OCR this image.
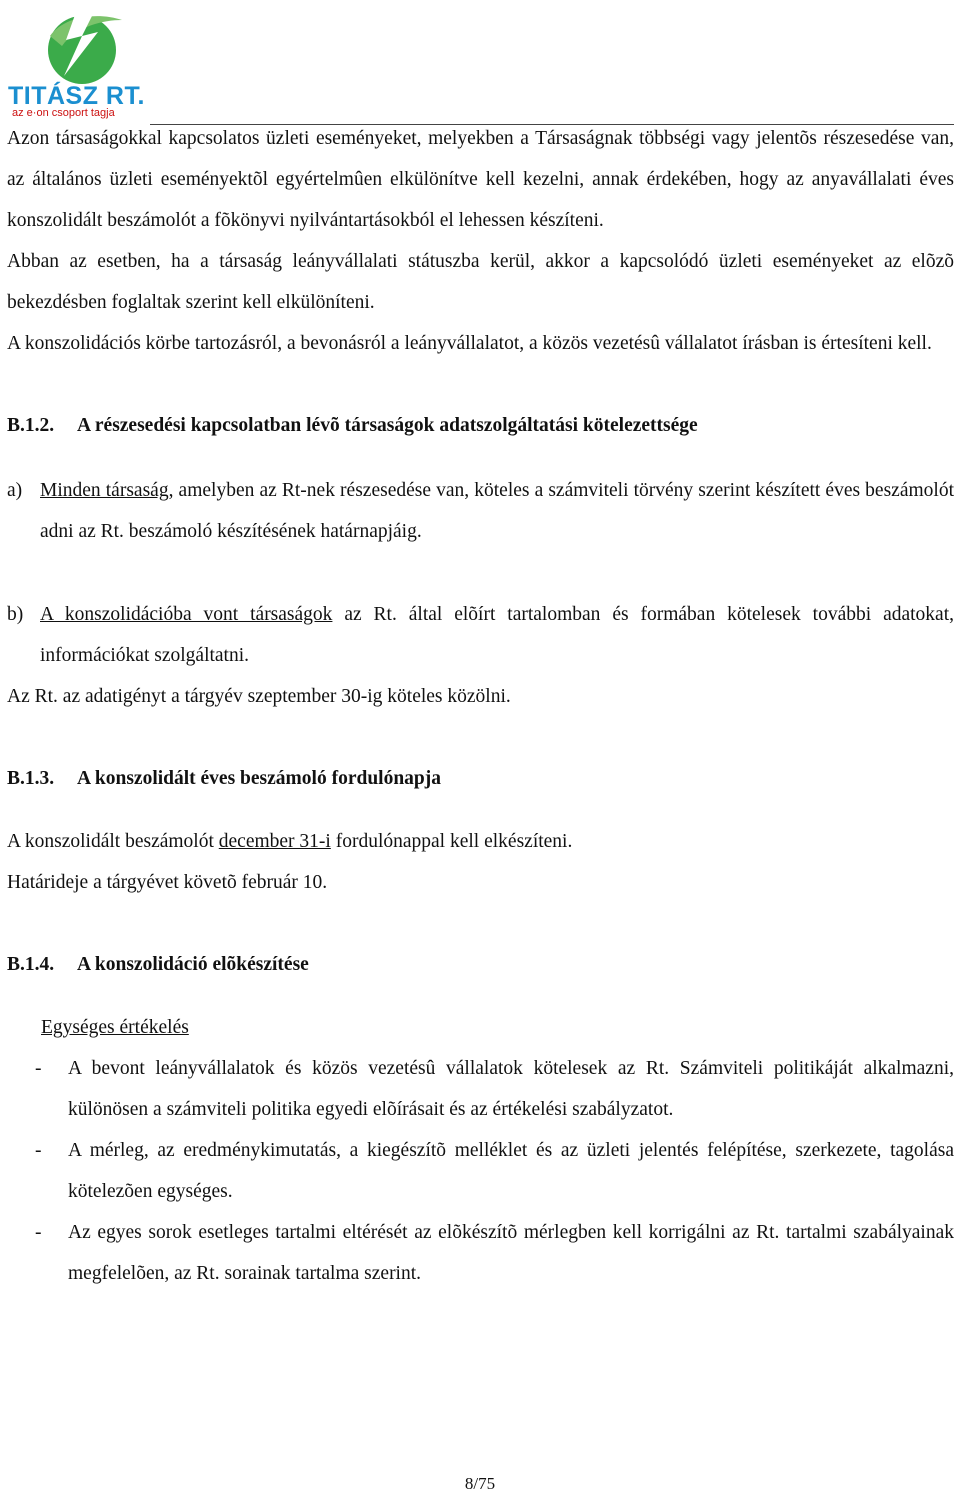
TITÁSZ RT.
az e·on csoport tagja

Azon társaságokkal kapcsolatos üzleti eseményeket, melyekben a Társaságnak többségi vagy jelentõs részesedése van, az általános üzleti eseményektõl egyértelmûen elkülönítve kell kezelni, annak érdekében, hogy az anyavállalati éves konszolidált beszámolót a fõkönyvi nyilvántartásokból el lehessen készíteni.

Abban az esetben, ha a társaság leányvállalati státuszba kerül, akkor a kapcsolódó üzleti eseményeket az elõzõ bekezdésben foglaltak szerint kell elkülöníteni.

A konszolidációs körbe tartozásról, a bevonásról a leányvállalatot, a közös vezetésû vállalatot írásban is értesíteni kell.

B.1.2. A részesedési kapcsolatban lévõ társaságok adatszolgáltatási kötelezettsége

a) Minden társaság, amelyben az Rt-nek részesedése van, köteles a számviteli törvény szerint készített éves beszámolót adni az Rt. beszámoló készítésének határnapjáig.

b) A konszolidációba vont társaságok az Rt. által elõírt tartalomban és formában kötelesek további adatokat, információkat szolgáltatni.

Az Rt. az adatigényt a tárgyév szeptember 30-ig köteles közölni.

B.1.3. A konszolidált éves beszámoló fordulónapja

A konszolidált beszámolót december 31-i fordulónappal kell elkészíteni.

Határideje a tárgyévet követõ február 10.

B.1.4. A konszolidáció elõkészítése

Egységes értékelés

- A bevont leányvállalatok és közös vezetésû vállalatok kötelesek az Rt. Számviteli politikáját alkalmazni, különösen a számviteli politika egyedi elõírásait és az értékelési szabályzatot.

- A mérleg, az eredménykimutatás, a kiegészítõ melléklet és az üzleti jelentés felépítése, szerkezete, tagolása kötelezõen egységes.

- Az egyes sorok esetleges tartalmi eltérését az elõkészítõ mérlegben kell korrigálni az Rt. tartalmi szabályainak megfelelõen, az Rt. sorainak tartalma szerint.

8/75
